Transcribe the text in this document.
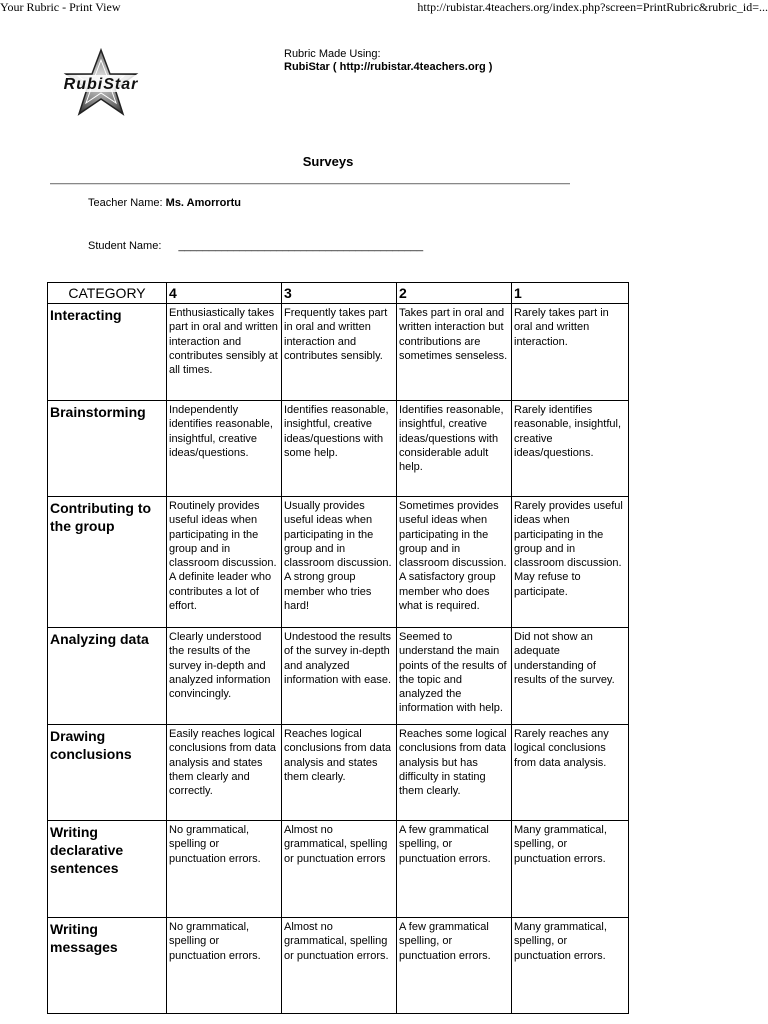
Your Rubric - Print View	http://rubistar.4teachers.org/index.php?screen=PrintRubric&rubric_id=...
RubiStar
Rubric Made Using:
RubiStar ( http://rubistar.4teachers.org )
Surveys
Teacher Name: Ms. Amorrortu
Student Name: ________________________________________
CATEGORY	4	3	2	1
Interacting	Enthusiastically takes part in oral and written interaction and contributes sensibly at all times.	Frequently takes part in oral and written interaction and contributes sensibly.	Takes part in oral and written interaction but contributions are sometimes senseless.	Rarely takes part in oral and written interaction.
Brainstorming	Independently identifies reasonable, insightful, creative ideas/questions.	Identifies reasonable, insightful, creative ideas/questions with some help.	Identifies reasonable, insightful, creative ideas/questions with considerable adult help.	Rarely identifies reasonable, insightful, creative ideas/questions.
Contributing to the group	Routinely provides useful ideas when participating in the group and in classroom discussion. A definite leader who contributes a lot of effort.	Usually provides useful ideas when participating in the group and in classroom discussion. A strong group member who tries hard!	Sometimes provides useful ideas when participating in the group and in classroom discussion. A satisfactory group member who does what is required.	Rarely provides useful ideas when participating in the group and in classroom discussion. May refuse to participate.
Analyzing data	Clearly understood the results of the survey in-depth and analyzed information convincingly.	Undestood the results of the survey in-depth and analyzed information with ease.	Seemed to understand the main points of the results of the topic and analyzed the information with help.	Did not show an adequate understanding of results of the survey.
Drawing conclusions	Easily reaches logical conclusions from data analysis and states them clearly and correctly.	Reaches logical conclusions from data analysis and states them clearly.	Reaches some logical conclusions from data analysis but has difficulty in stating them clearly.	Rarely reaches any logical conclusions from data analysis.
Writing declarative sentences	No grammatical, spelling or punctuation errors.	Almost no grammatical, spelling or punctuation errors	A few grammatical spelling, or punctuation errors.	Many grammatical, spelling, or punctuation errors.
Writing messages	No grammatical, spelling or punctuation errors.	Almost no grammatical, spelling or punctuation errors.	A few grammatical spelling, or punctuation errors.	Many grammatical, spelling, or punctuation errors.
